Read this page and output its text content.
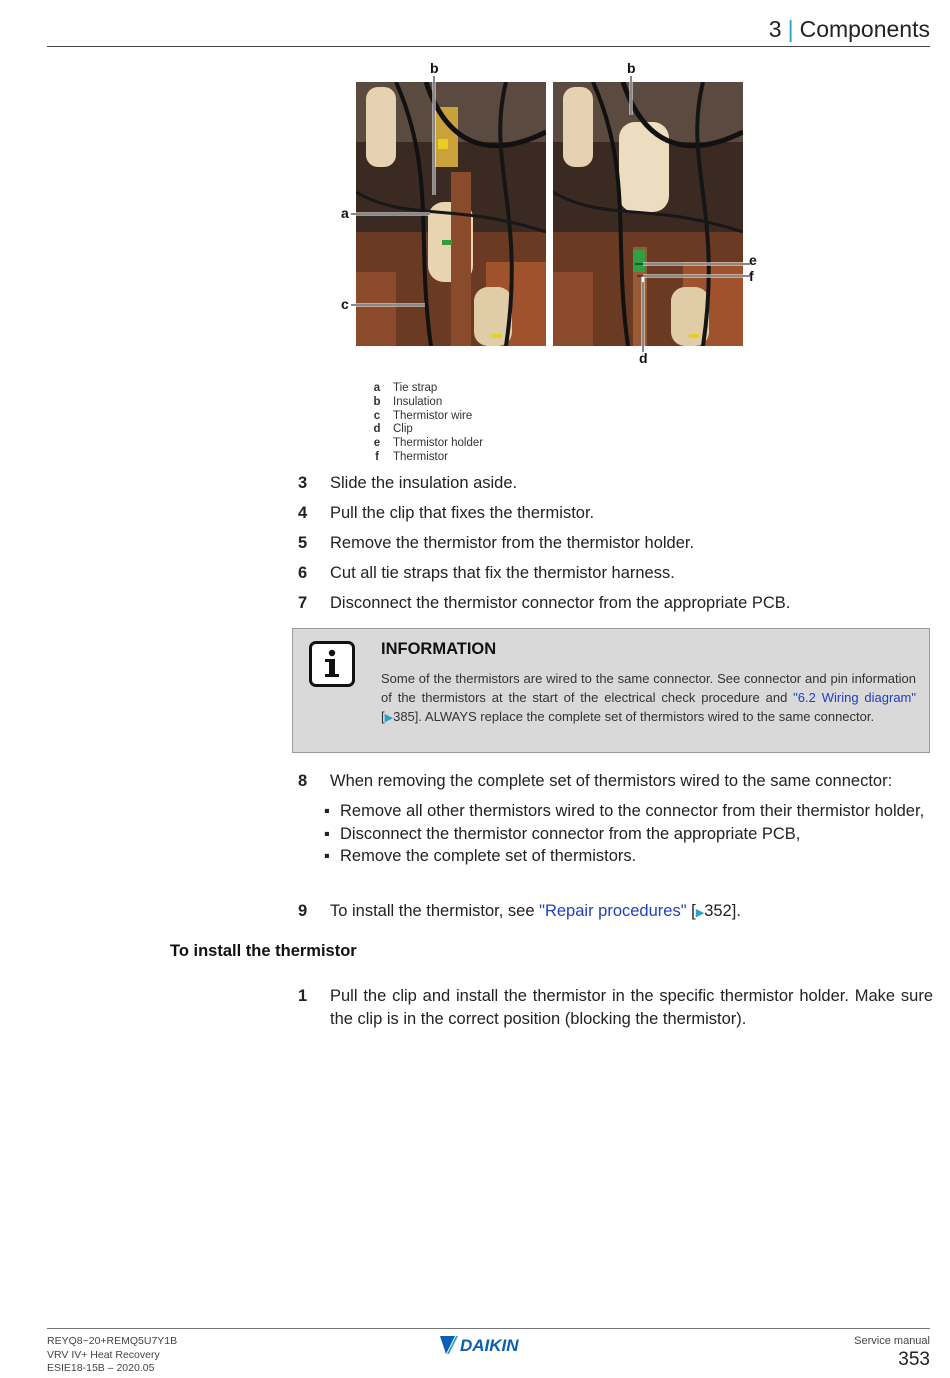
3 | Components
b	b
a
c
e
f
d
a Tie strap
b Insulation
c Thermistor wire
d Clip
e Thermistor holder
f Thermistor
3 Slide the insulation aside.
4 Pull the clip that fixes the thermistor.
5 Remove the thermistor from the thermistor holder.
6 Cut all tie straps that fix the thermistor harness.
7 Disconnect the thermistor connector from the appropriate PCB.
INFORMATION
Some of the thermistors are wired to the same connector. See connector and pin information of the thermistors at the start of the electrical check procedure and "6.2 Wiring diagram" [▶385]. ALWAYS replace the complete set of thermistors wired to the same connector.
8 When removing the complete set of thermistors wired to the same connector:
▪ Remove all other thermistors wired to the connector from their thermistor holder,
▪ Disconnect the thermistor connector from the appropriate PCB,
▪ Remove the complete set of thermistors.
9 To install the thermistor, see "Repair procedures" [▶352].
To install the thermistor
1 Pull the clip and install the thermistor in the specific thermistor holder. Make sure the clip is in the correct position (blocking the thermistor).
REYQ8~20+REMQ5U7Y1B
VRV IV+ Heat Recovery
ESIE18-15B – 2020.05
DAIKIN	Service manual
353
